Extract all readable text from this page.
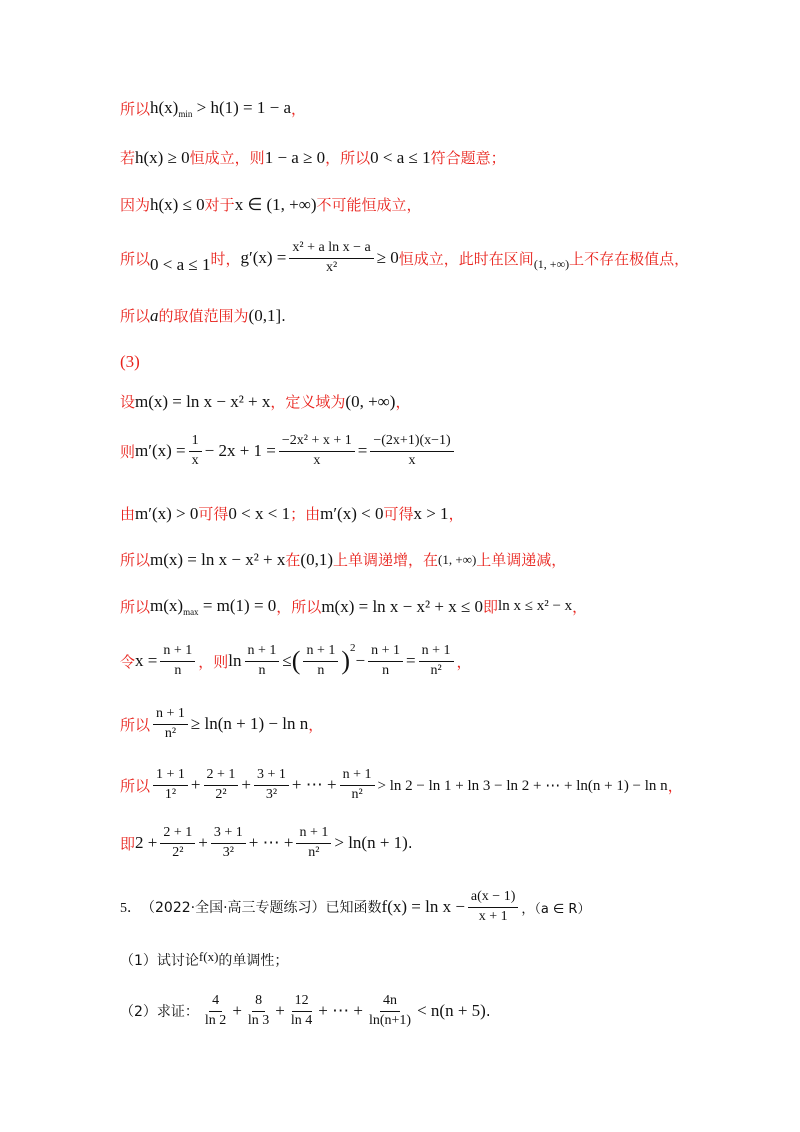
所以 $h(x)_{min} > h(1) = 1 - a$ ，
若 h(x) ≥ 0 恒成立，则 1 − a ≥ 0 ，所以 0 < a ≤ 1 符合题意；
因为 h(x) ≤ 0 对于 x ∈ (1, +∞) 不可能恒成立，
所以 0 < a ≤ 1 时， $g'(x) = \frac{\text{x² + a ln x − a}}{\text{x²}} \ge 0$ 恒成立，此时在区间 (1, +∞) 上不存在极值点，
所以 a 的取值范围为 (0,1] .
(3)
设 m(x) = ln x − x² + x ，定义域为 (0, +∞) ，
则 $m'(x) = \frac{1}{x} - 2x + 1 = \frac{\text{−2x² + x + 1}}{x} = \frac{-(2x+1)(x-1)}{x}$
由 m′(x) > 0 可得 0 < x < 1 ；由 m′(x) < 0 可得 x > 1 ，
所以 m(x) = ln x − x² + x 在 (0,1) 上单调递增，在 (1, +∞) 上单调递减，
所以 $m(x)_{max} = m(1) = 0$ ，所以 m(x) = ln x − x² + x ≤ 0 即 ln x ≤ x² − x ，
令 $x = \frac{n + 1}{n}$ ，则 $\ln \frac{n + 1}{n}$ ≤ ( $\frac{n + 1}{n} )^2$
− $\frac{n + 1}{n} = \frac{n + 1}{\text{n²}}$ ，
所以 $\frac{n + 1}{\text{n²}} \ge \ln(n + 1) - \ln n$ ，
所以 $\frac{1 + 1}{\text{1²}} + \frac{2 + 1}{\text{2²}} + \frac{3 + 1}{\text{3²}}$ + ⋯ + $\frac{n + 1}{\text{n²}} > \ln 2 - \ln 1 + \ln 3 - \ln 2$ + ⋯ + ln(n + 1) − ln n ，
即 $2 + \frac{2 + 1}{\text{2²}} + \frac{3 + 1}{\text{3²}}$ + ⋯ + $\frac{n + 1}{\text{n²}} > \ln(n + 1)$ .
5． （2022·全国·高三专题练习）已知函数 $f(x) = \ln x - \frac{a(x - 1)}{x + 1}$ ，（a ∈ R）
（1）试讨论 f(x) 的单调性；
（2）求证： $\frac{4}{\ln 2} + \frac{8}{\ln 3} + \frac{12}{\ln 4}$ + ⋯ + $\frac{4n}{\ln(n+1)} < n(n + 5)$ .
